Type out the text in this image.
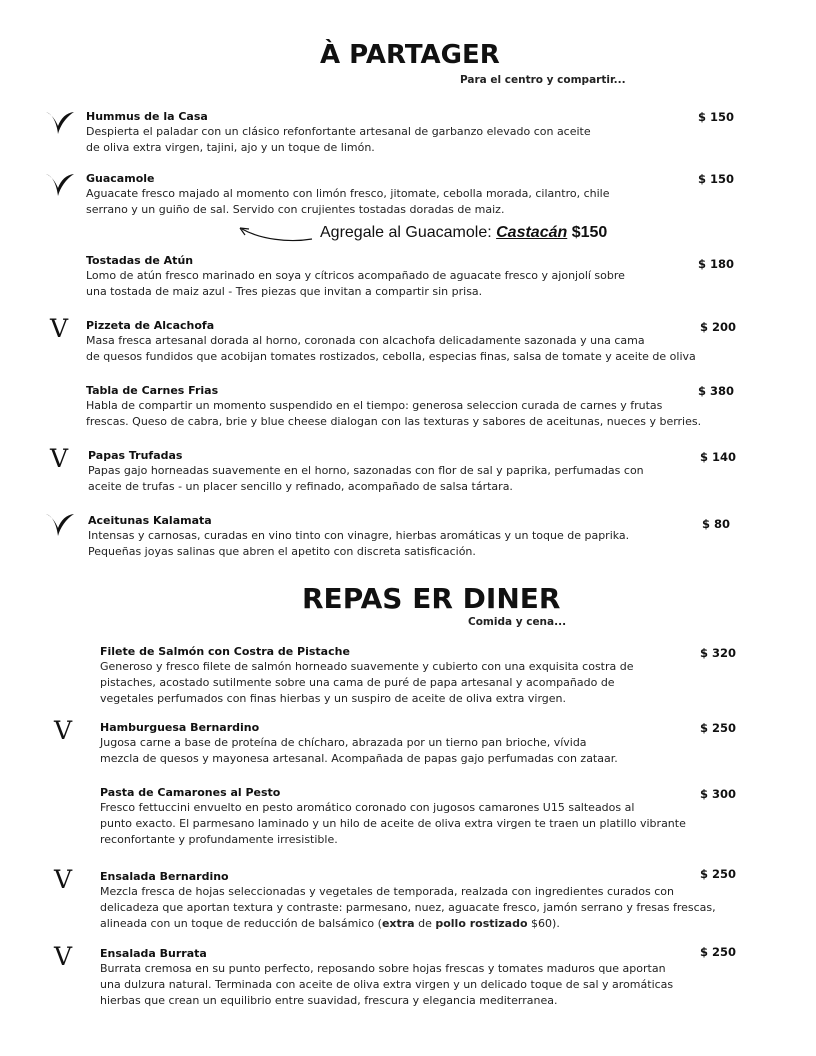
À PARTAGER
Para el centro y compartir...
Hummus de la Casa	$ 150

Despierta el paladar con un clásico refonfortante artesanal de garbanzo elevado con aceite
de oliva extra virgen, tajini, ajo y un toque de limón.

Guacamole	$ 150

Aguacate fresco majado al momento con limón fresco, jitomate, cebolla morada, cilantro, chile
serrano y un guiño de sal. Servido con crujientes tostadas doradas de maiz.

Agregale al Guacamole: Castacán $150
Tostadas de Atún	$ 180

Lomo de atún fresco marinado en soya y cítricos acompañado de aguacate fresco y ajonjolí sobre
una tostada de maiz azul - Tres piezas que invitan a compartir sin prisa.

V Pizzeta de Alcachofa	$ 200

Masa fresca artesanal dorada al horno, coronada con alcachofa delicadamente sazonada y una cama
de quesos fundidos que acobijan tomates rostizados, cebolla, especias finas, salsa de tomate y aceite de oliva

Tabla de Carnes Frias	$ 380

Habla de compartir un momento suspendido en el tiempo: generosa seleccion curada de carnes y frutas
frescas. Queso de cabra, brie y blue cheese dialogan con las texturas y sabores de aceitunas, nueces y berries.

V Papas Trufadas	$ 140

Papas gajo horneadas suavemente en el horno, sazonadas con flor de sal y paprika, perfumadas con
aceite de trufas - un placer sencillo y refinado, acompañado de salsa tártara.

Aceitunas Kalamata	$ 80

Intensas y carnosas, curadas en vino tinto con vinagre, hierbas aromáticas y un toque de paprika.
Pequeñas joyas salinas que abren el apetito con discreta satisficación.

REPAS ER DINER
Comida y cena...
Filete de Salmón con Costra de Pistache	$ 320

Generoso y fresco filete de salmón horneado suavemente y cubierto con una exquisita costra de
pistaches, acostado sutilmente sobre una cama de puré de papa artesanal y acompañado de
vegetales perfumados con finas hierbas y un suspiro de aceite de oliva extra virgen.

V	Hamburguesa Bernardino	$ 250

Jugosa carne a base de proteína de chícharo, abrazada por un tierno pan brioche, vívida
mezcla de quesos y mayonesa artesanal. Acompañada de papas gajo perfumadas con zataar.

Pasta de Camarones al Pesto	$ 300

Fresco fettuccini envuelto en pesto aromático coronado con jugosos camarones U15 salteados al
punto exacto. El parmesano laminado y un hilo de aceite de oliva extra virgen te traen un platillo vibrante
reconfortante y profundamente irresistible.

V	Ensalada Bernardino	$ 250

Mezcla fresca de hojas seleccionadas y vegetales de temporada, realzada con ingredientes curados con
delicadeza que aportan textura y contraste: parmesano, nuez, aguacate fresco, jamón serrano y fresas frescas,
alineada con un toque de reducción de balsámico (extra de pollo rostizado $60).

V	Ensalada Burrata	$ 250

Burrata cremosa en su punto perfecto, reposando sobre hojas frescas y tomates maduros que aportan
una dulzura natural. Terminada con aceite de oliva extra virgen y un delicado toque de sal y aromáticas
hierbas que crean un equilibrio entre suavidad, frescura y elegancia mediterranea.
